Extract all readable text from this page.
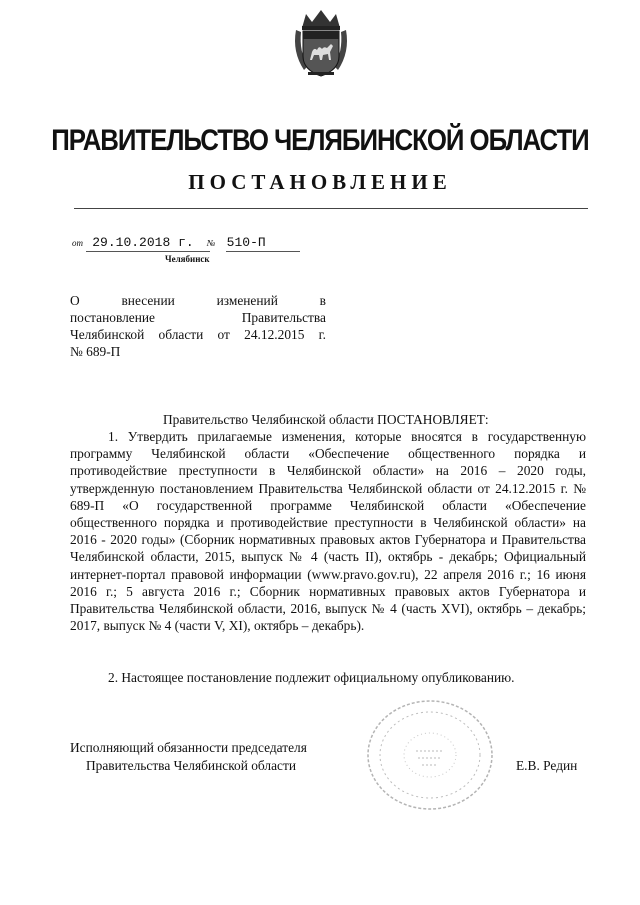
ПРАВИТЕЛЬСТВО ЧЕЛЯБИНСКОЙ ОБЛАСТИ
ПОСТАНОВЛЕНИЕ
от 29.10.2018 г. № 510-П
Челябинск
О внесении изменений в
постановление Правительства
Челябинской области от 24.12.2015 г.
№ 689-П
Правительство Челябинской области ПОСТАНОВЛЯЕТ:

1. Утвердить прилагаемые изменения, которые вносятся в государственную программу Челябинской области «Обеспечение общественного порядка и противодействие преступности в Челябинской области» на 2016 – 2020 годы, утвержденную постановлением Правительства Челябинской области от 24.12.2015 г. № 689-П «О государственной программе Челябинской области «Обеспечение общественного порядка и противодействие преступности в Челябинской области» на 2016 - 2020 годы» (Сборник нормативных правовых актов Губернатора и Правительства Челябинской области, 2015, выпуск № 4 (часть II), октябрь - декабрь; Официальный интернет-портал правовой информации (www.pravo.gov.ru), 22 апреля 2016 г.; 16 июня 2016 г.; 5 августа 2016 г.; Сборник нормативных правовых актов Губернатора и Правительства Челябинской области, 2016, выпуск № 4 (часть XVI), октябрь – декабрь; 2017, выпуск № 4 (части V, XI), октябрь – декабрь).

2. Настоящее постановление подлежит официальному опубликованию.
Исполняющий обязанности председателя
Правительства Челябинской области	Е.В. Редин
